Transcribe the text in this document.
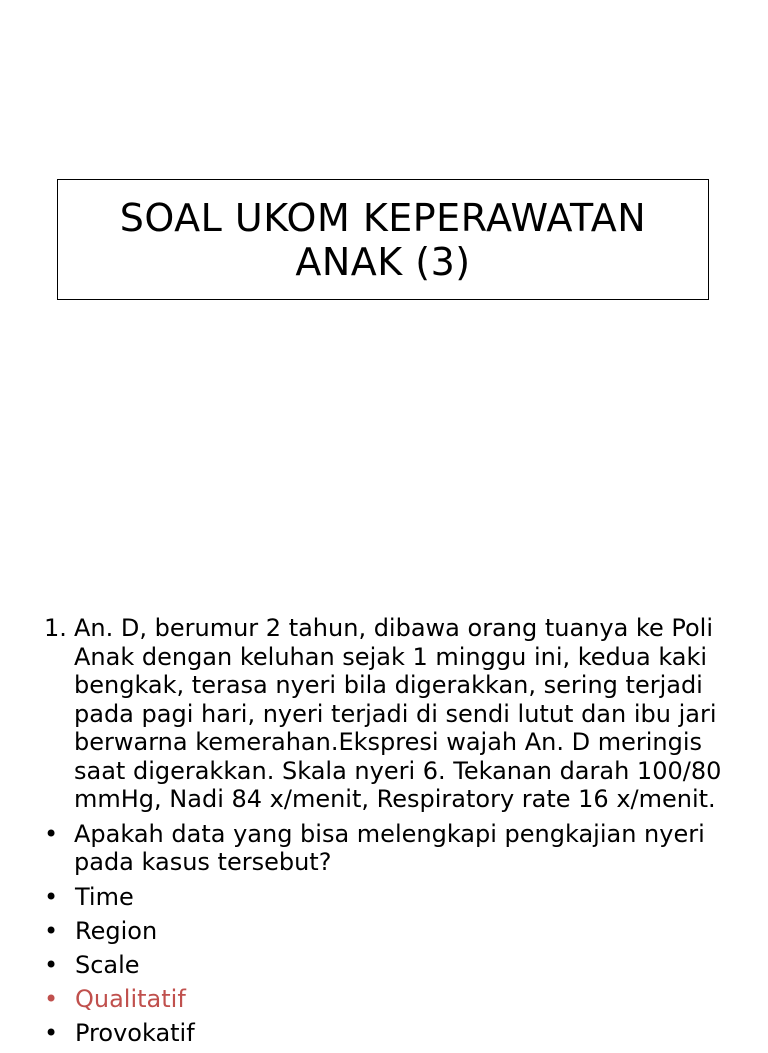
SOAL UKOM KEPERAWATAN
ANAK (3)
1. An. D, berumur 2 tahun, dibawa orang tuanya ke Poli Anak dengan keluhan sejak 1 minggu ini, kedua kaki bengkak, terasa nyeri bila digerakkan, sering terjadi pada pagi hari, nyeri terjadi di sendi lutut dan ibu jari berwarna kemerahan.Ekspresi wajah An. D meringis saat digerakkan. Skala nyeri 6. Tekanan darah 100/80 mmHg, Nadi 84 x/menit, Respiratory rate 16 x/menit.
• Apakah data yang bisa melengkapi pengkajian nyeri pada kasus tersebut?
• Time
• Region
• Scale
• Qualitatif
• Provokatif
